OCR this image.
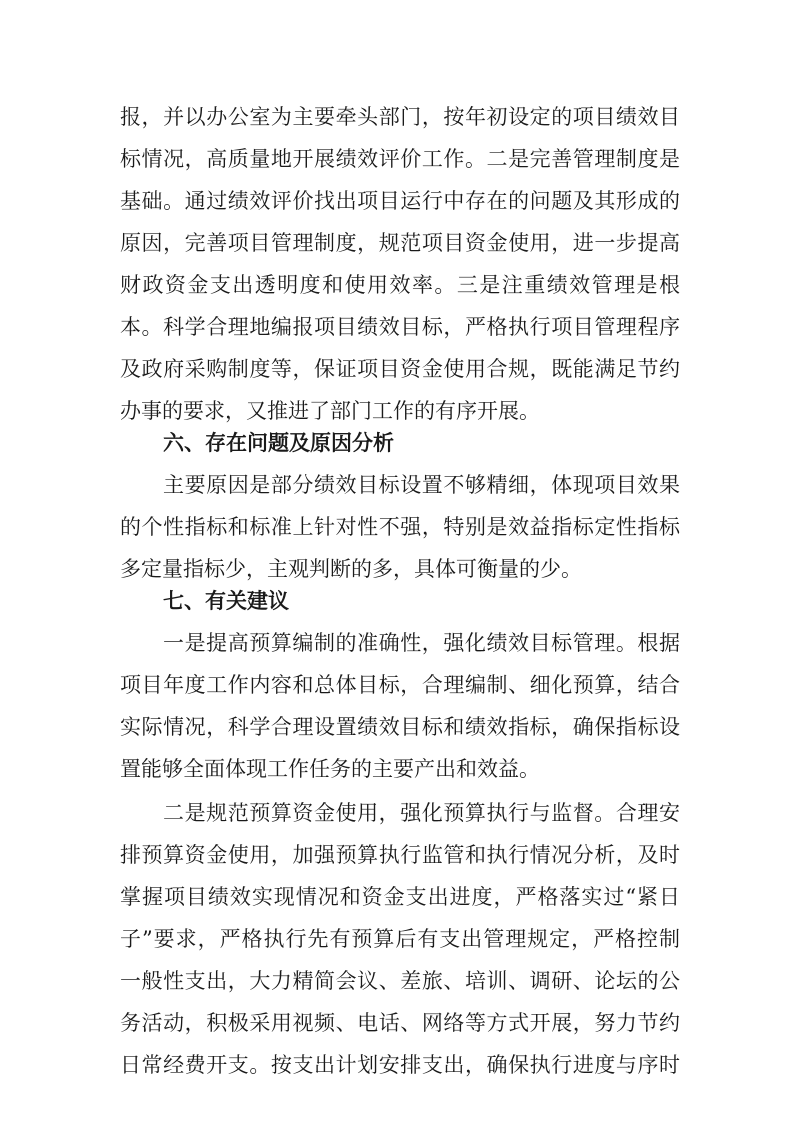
报，并以办公室为主要牵头部门，按年初设定的项目绩效目
标情况，高质量地开展绩效评价工作。二是完善管理制度是
基础。通过绩效评价找出项目运行中存在的问题及其形成的
原因，完善项目管理制度，规范项目资金使用，进一步提高
财政资金支出透明度和使用效率。三是注重绩效管理是根
本。科学合理地编报项目绩效目标，严格执行项目管理程序
及政府采购制度等，保证项目资金使用合规，既能满足节约
办事的要求，又推进了部门工作的有序开展。
六、存在问题及原因分析
主要原因是部分绩效目标设置不够精细，体现项目效果
的个性指标和标准上针对性不强，特别是效益指标定性指标
多定量指标少，主观判断的多，具体可衡量的少。
七、有关建议
一是提高预算编制的准确性，强化绩效目标管理。根据
项目年度工作内容和总体目标，合理编制、细化预算，结合
实际情况，科学合理设置绩效目标和绩效指标，确保指标设
置能够全面体现工作任务的主要产出和效益。
二是规范预算资金使用，强化预算执行与监督。合理安
排预算资金使用，加强预算执行监管和执行情况分析，及时
掌握项目绩效实现情况和资金支出进度，严格落实过“紧日
子”要求，严格执行先有预算后有支出管理规定，严格控制
一般性支出，大力精简会议、差旅、培训、调研、论坛的公
务活动，积极采用视频、电话、网络等方式开展，努力节约
日常经费开支。按支出计划安排支出，确保执行进度与序时
